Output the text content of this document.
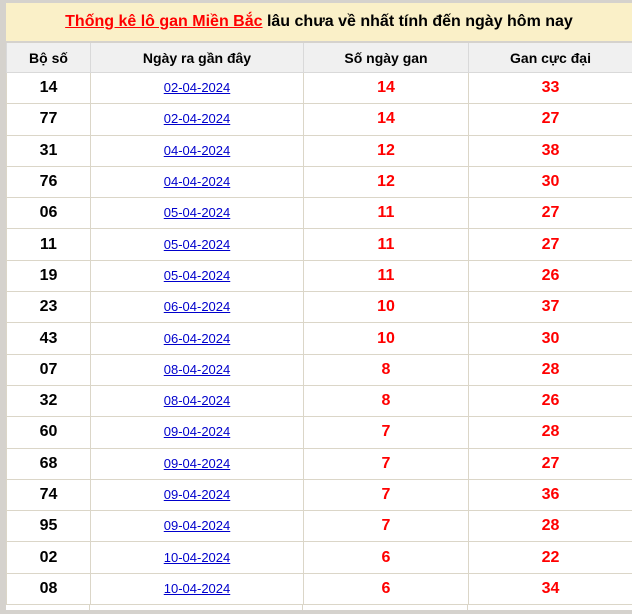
Thống kê lô gan Miền Bắc lâu chưa về nhất tính đến ngày hôm nay
Bộ số	Ngày ra gần đây	Số ngày gan	Gan cực đại
14	02-04-2024	14	33
77	02-04-2024	14	27
31	04-04-2024	12	38
76	04-04-2024	12	30
06	05-04-2024	11	27
11	05-04-2024	11	27
19	05-04-2024	11	26
23	06-04-2024	10	37
43	06-04-2024	10	30
07	08-04-2024	8	28
32	08-04-2024	8	26
60	09-04-2024	7	28
68	09-04-2024	7	27
74	09-04-2024	7	36
95	09-04-2024	7	28
02	10-04-2024	6	22
08	10-04-2024	6	34
